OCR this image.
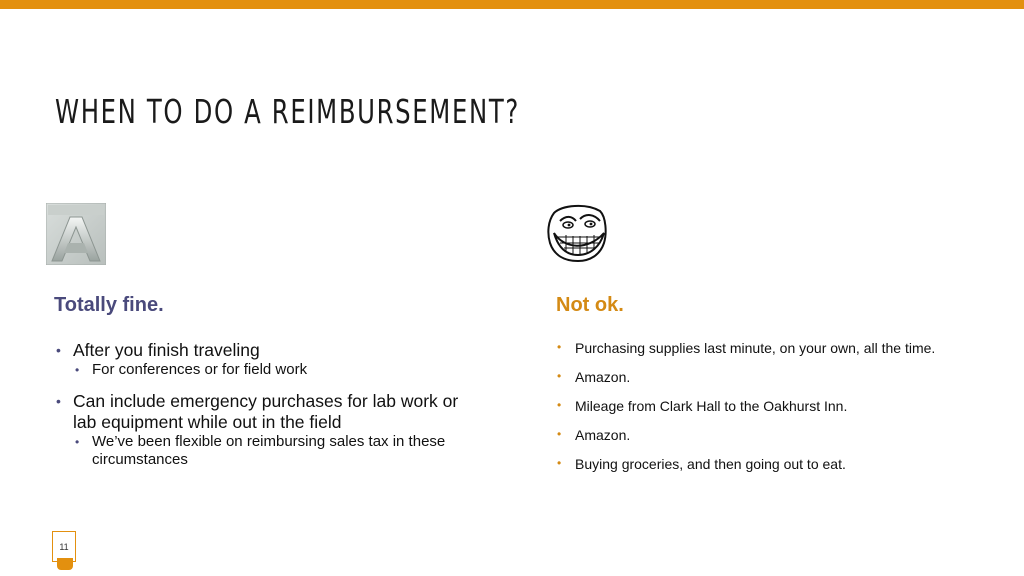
WHEN TO DO A REIMBURSEMENT?
Totally fine.	Not ok.
• After you finish traveling
• For conferences or for field work
• Can include emergency purchases for lab work or lab equipment while out in the field
• We’ve been flexible on reimbursing sales tax in these circumstances
• Purchasing supplies last minute, on your own, all the time.
• Amazon.
• Mileage from Clark Hall to the Oakhurst Inn.
• Amazon.
• Buying groceries, and then going out to eat.
11
